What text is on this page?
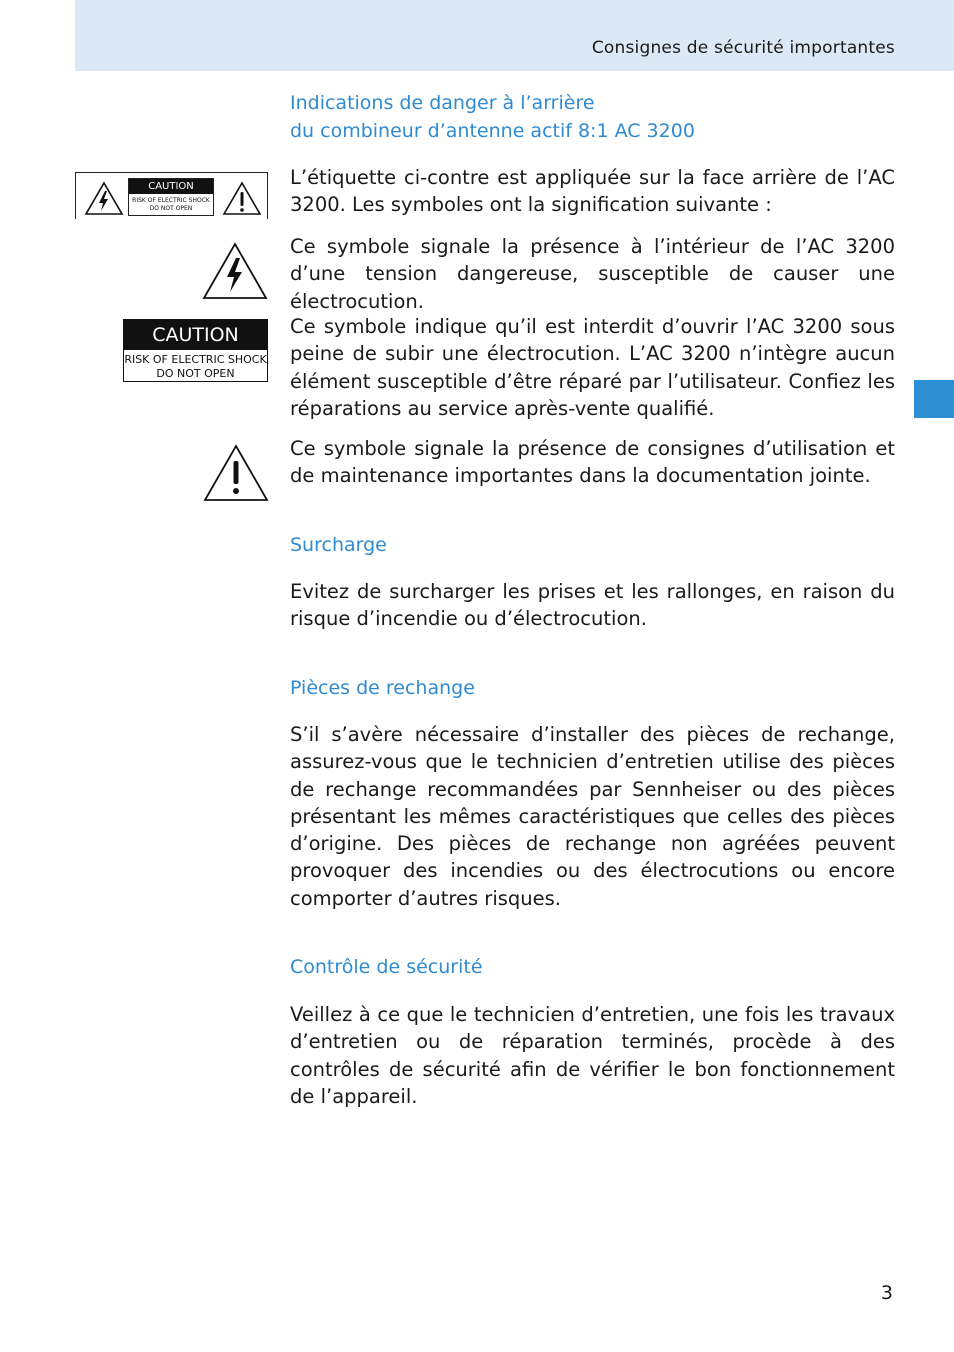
Consignes de sécurité importantes
Indications de danger à l’arrière
du combineur d’antenne actif 8:1 AC 3200
CAUTION
RISK OF ELECTRIC SHOCK
DO NOT OPEN
L’étiquette ci-contre est appliquée sur la face arrière de l’AC 3200. Les symboles ont la signification suivante :
Ce symbole signale la présence à l’intérieur de l’AC 3200 d’une tension dangereuse, susceptible de causer une électrocution.
CAUTION
RISK OF ELECTRIC SHOCK
DO NOT OPEN
Ce symbole indique qu’il est interdit d’ouvrir l’AC 3200 sous peine de subir une électrocution. L’AC 3200 n’intègre aucun élément susceptible d’être réparé par l’utilisateur. Confiez les réparations au service après-vente qualifié.
Ce symbole signale la présence de consignes d’utilisation et de maintenance importantes dans la documentation jointe.
Surcharge
Evitez de surcharger les prises et les rallonges, en raison du risque d’incendie ou d’électrocution.
Pièces de rechange
S’il s’avère nécessaire d’installer des pièces de rechange, assurez-vous que le technicien d’entretien utilise des pièces de rechange recommandées par Sennheiser ou des pièces présentant les mêmes caractéristiques que celles des pièces d’origine. Des pièces de rechange non agréées peuvent provoquer des incendies ou des électrocutions ou encore comporter d’autres risques.
Contrôle de sécurité
Veillez à ce que le technicien d’entretien, une fois les travaux d’entretien ou de réparation terminés, procède à des contrôles de sécurité afin de vérifier le bon fonctionnement de l’appareil.
3
